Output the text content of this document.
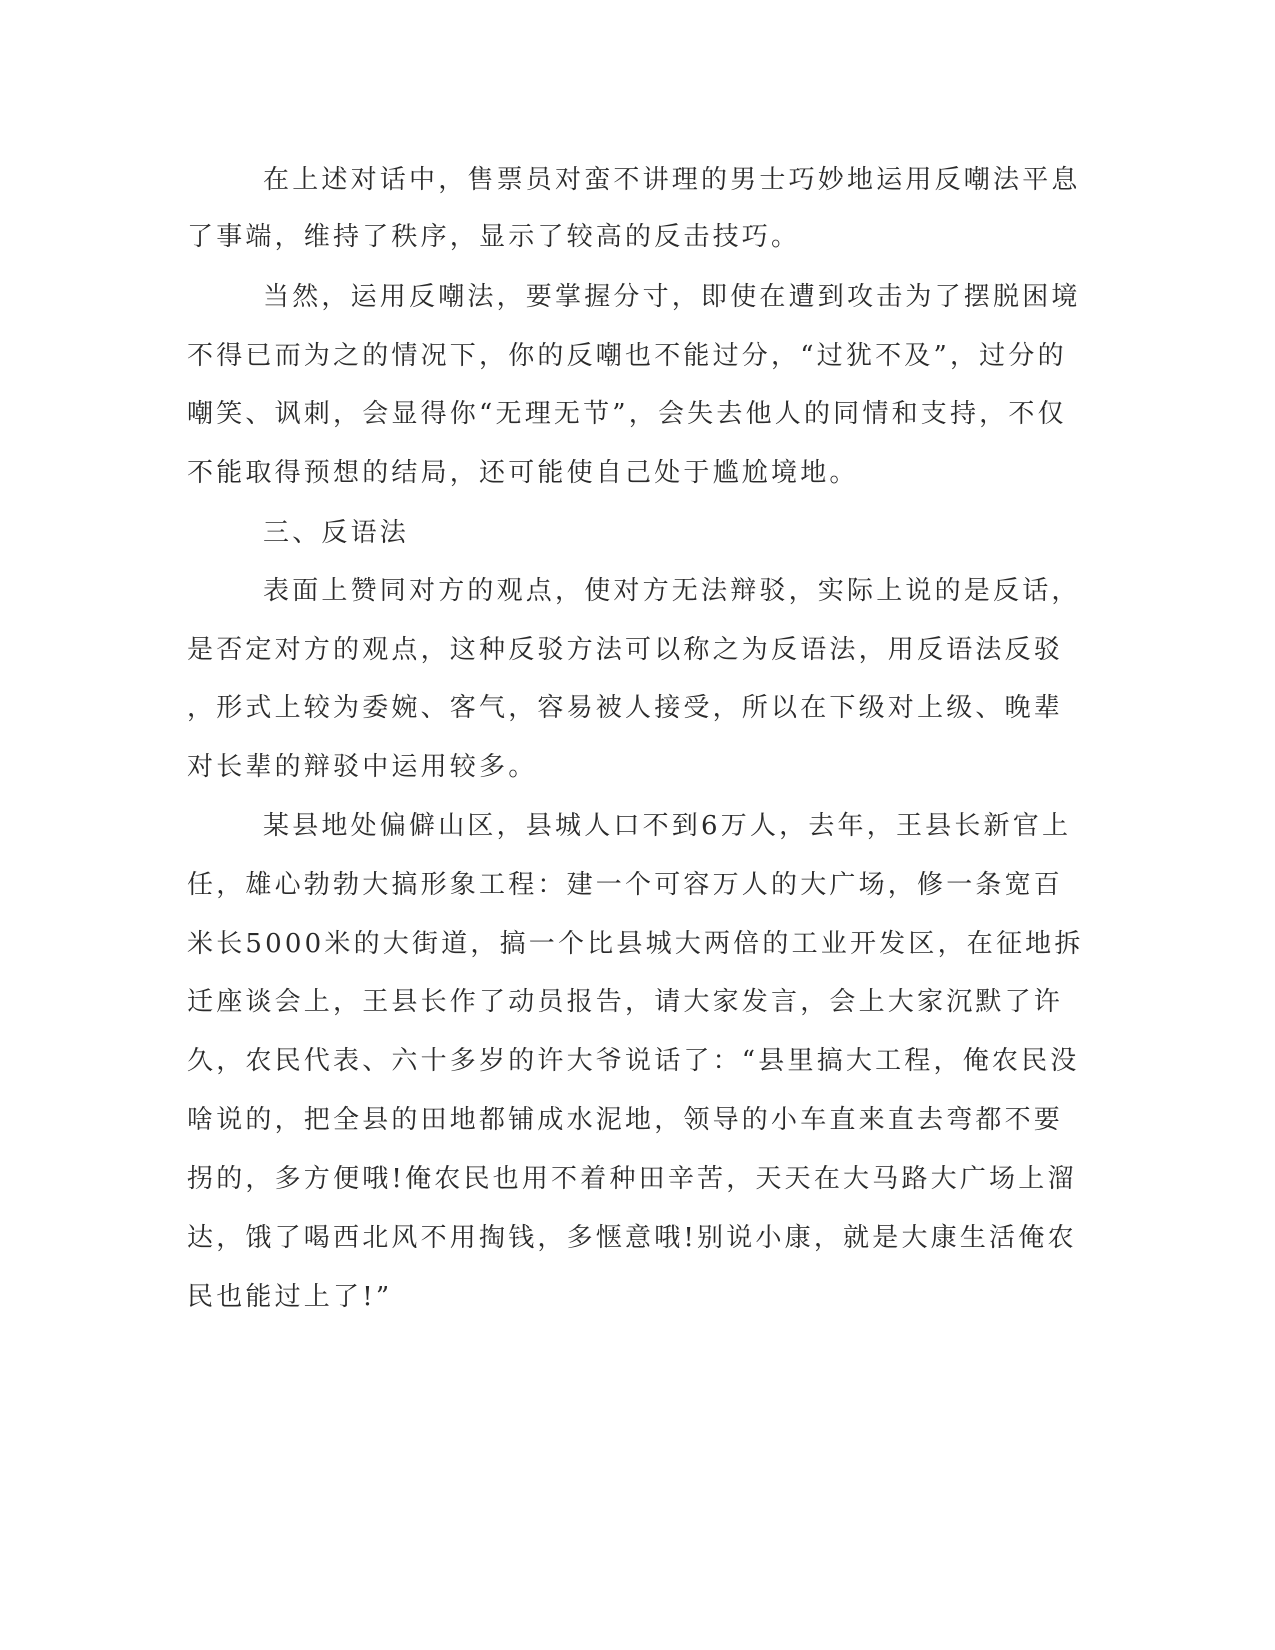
在上述对话中，售票员对蛮不讲理的男士巧妙地运用反嘲法平息
了事端，维持了秩序，显示了较高的反击技巧。
当然，运用反嘲法，要掌握分寸，即使在遭到攻击为了摆脱困境
不得已而为之的情况下，你的反嘲也不能过分，“过犹不及”，过分的
嘲笑、讽刺，会显得你“无理无节”，会失去他人的同情和支持，不仅
不能取得预想的结局，还可能使自己处于尴尬境地。
三、反语法
表面上赞同对方的观点，使对方无法辩驳，实际上说的是反话，
是否定对方的观点，这种反驳方法可以称之为反语法，用反语法反驳
，形式上较为委婉、客气，容易被人接受，所以在下级对上级、晚辈
对长辈的辩驳中运用较多。
某县地处偏僻山区，县城人口不到6万人，去年，王县长新官上
任，雄心勃勃大搞形象工程：建一个可容万人的大广场，修一条宽百
米长5000米的大街道，搞一个比县城大两倍的工业开发区，在征地拆
迁座谈会上，王县长作了动员报告，请大家发言，会上大家沉默了许
久，农民代表、六十多岁的许大爷说话了：“县里搞大工程，俺农民没
啥说的，把全县的田地都铺成水泥地，领导的小车直来直去弯都不要
拐的，多方便哦!俺农民也用不着种田辛苦，天天在大马路大广场上溜
达，饿了喝西北风不用掏钱，多惬意哦!别说小康，就是大康生活俺农
民也能过上了!”
